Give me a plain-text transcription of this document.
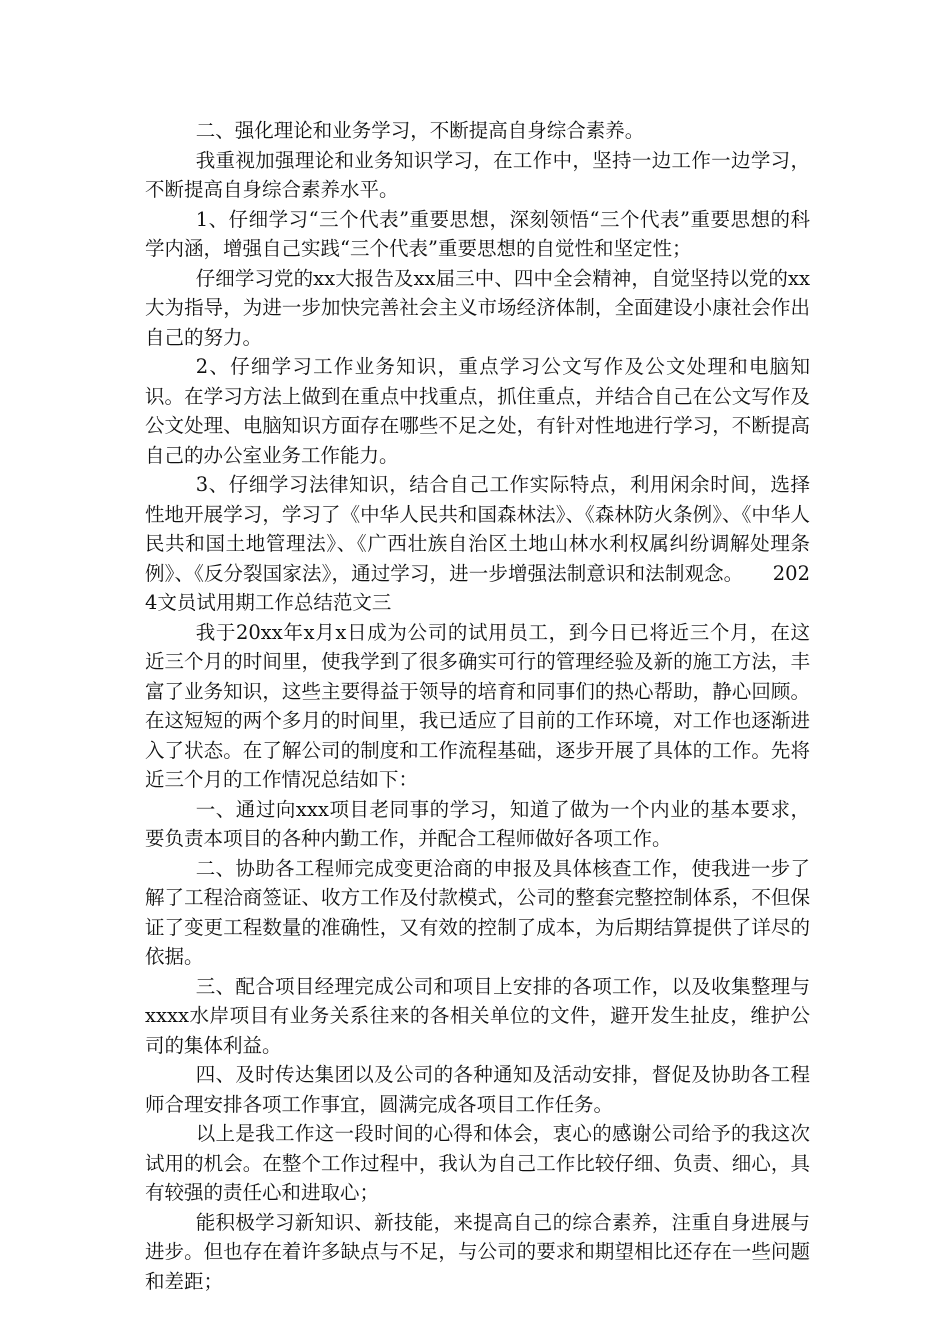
二、强化理论和业务学习，不断提高自身综合素养。

我重视加强理论和业务知识学习，在工作中，坚持一边工作一边学习，不断提高自身综合素养水平。

1、仔细学习“三个代表”重要思想，深刻领悟“三个代表”重要思想的科学内涵，增强自己实践“三个代表”重要思想的自觉性和坚定性；

仔细学习党的xx大报告及xx届三中、四中全会精神，自觉坚持以党的xx大为指导，为进一步加快完善社会主义市场经济体制，全面建设小康社会作出自己的努力。

2、仔细学习工作业务知识，重点学习公文写作及公文处理和电脑知识。在学习方法上做到在重点中找重点，抓住重点，并结合自己在公文写作及公文处理、电脑知识方面存在哪些不足之处，有针对性地进行学习，不断提高自己的办公室业务工作能力。

3、仔细学习法律知识，结合自己工作实际特点，利用闲余时间，选择性地开展学习，学习了《中华人民共和国森林法》、《森林防火条例》、《中华人民共和国土地管理法》、《广西壮族自治区土地山林水利权属纠纷调解处理条例》、《反分裂国家法》，通过学习，进一步增强法制意识和法制观念。　　2024文员试用期工作总结范文三

我于20xx年x月x日成为公司的试用员工，到今日已将近三个月，在这近三个月的时间里，使我学到了很多确实可行的管理经验及新的施工方法，丰富了业务知识，这些主要得益于领导的培育和同事们的热心帮助，静心回顾。在这短短的两个多月的时间里，我已适应了目前的工作环境，对工作也逐渐进入了状态。在了解公司的制度和工作流程基础，逐步开展了具体的工作。先将近三个月的工作情况总结如下：

一、通过向xxx项目老同事的学习，知道了做为一个内业的基本要求，要负责本项目的各种内勤工作，并配合工程师做好各项工作。

二、协助各工程师完成变更洽商的申报及具体核查工作，使我进一步了解了工程洽商签证、收方工作及付款模式，公司的整套完整控制体系，不但保证了变更工程数量的准确性，又有效的控制了成本，为后期结算提供了详尽的依据。

三、配合项目经理完成公司和项目上安排的各项工作，以及收集整理与xxxx水岸项目有业务关系往来的各相关单位的文件，避开发生扯皮，维护公司的集体利益。

四、及时传达集团以及公司的各种通知及活动安排，督促及协助各工程师合理安排各项工作事宜，圆满完成各项目工作任务。

以上是我工作这一段时间的心得和体会，衷心的感谢公司给予的我这次试用的机会。在整个工作过程中，我认为自己工作比较仔细、负责、细心，具有较强的责任心和进取心；

能积极学习新知识、新技能，来提高自己的综合素养，注重自身进展与进步。但也存在着许多缺点与不足，与公司的要求和期望相比还存在一些问题和差距；
